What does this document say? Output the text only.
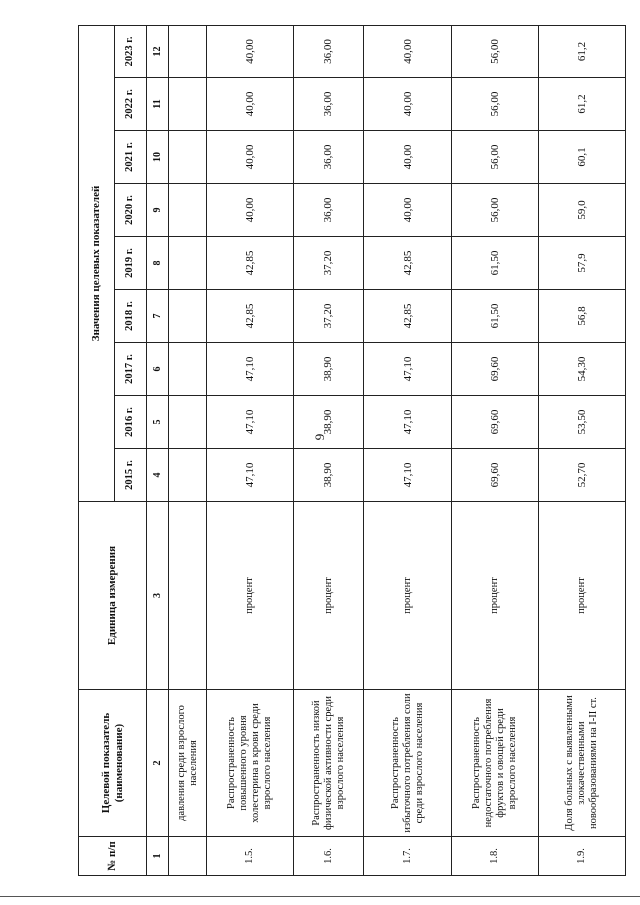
9
№ п/п	Целевой показатель (наименование)	Единица измерения	Значения целевых показателей								
			2015 г.	2016 г.	2017 г.	2018 г.	2019 г.	2020 г.	2021 г.	2022 г.	2023 г.
1	2	3	4	5	6	7	8	9	10	11	12
	давления среди взрослого населения										
1.5.	Распространенность повышенного уровня холестерина в крови среди взрослого населения	процент	47,10	47,10	47,10	42,85	42,85	40,00	40,00	40,00	40,00
1.6.	Распространенность низкой физической активности среди взрослого населения	процент	38,90	38,90	38,90	37,20	37,20	36,00	36,00	36,00	36,00
1.7.	Распространенность избыточного потребления соли среди взрослого населения	процент	47,10	47,10	47,10	42,85	42,85	40,00	40,00	40,00	40,00
1.8.	Распространенность недостаточного потребления фруктов и овощей среди взрослого населения	процент	69,60	69,60	69,60	61,50	61,50	56,00	56,00	56,00	56,00
1.9.	Доля больных с выявленными злокачественными новообразованиями на I-II ст.	процент	52,70	53,50	54,30	56,8	57,9	59,0	60,1	61,2	61,2
